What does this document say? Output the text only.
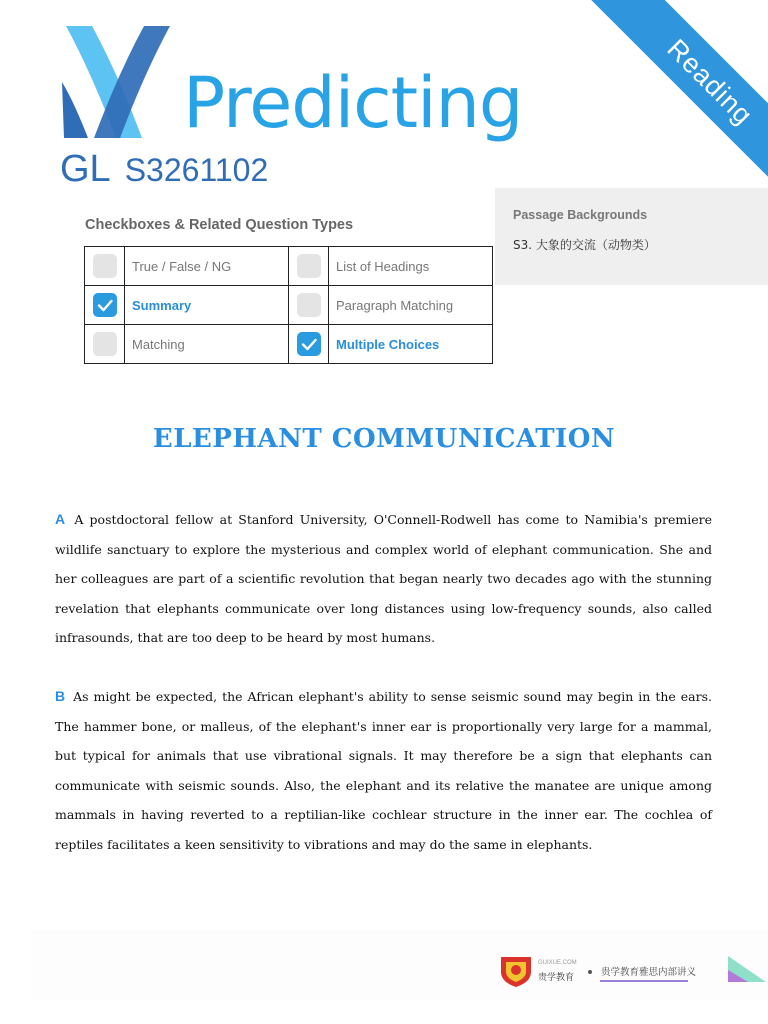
Predicting
GL S3261102
Reading
Checkboxes & Related Question Types
	True / False / NG		List of Headings

	Summary		Paragraph Matching
	Matching		Multiple Choices
Passage Backgrounds
S3. 大象的交流（动物类）
ELEPHANT COMMUNICATION
A A postdoctoral fellow at Stanford University, O'Connell-Rodwell has come to Namibia's premiere wildlife sanctuary to explore the mysterious and complex world of elephant communication. She and her colleagues are part of a scientific revolution that began nearly two decades ago with the stunning revelation that elephants communicate over long distances using low-frequency sounds, also called infrasounds, that are too deep to be heard by most humans.
B As might be expected, the African elephant's ability to sense seismic sound may begin in the ears. The hammer bone, or malleus, of the elephant's inner ear is proportionally very large for a mammal, but typical for animals that use vibrational signals. It may therefore be a sign that elephants can communicate with seismic sounds. Also, the elephant and its relative the manatee are unique among mammals in having reverted to a reptilian-like cochlear structure in the inner ear. The cochlea of reptiles facilitates a keen sensitivity to vibrations and may do the same in elephants.
GUIXUE.COM
贵学教育	贵学教育雅思内部讲义
